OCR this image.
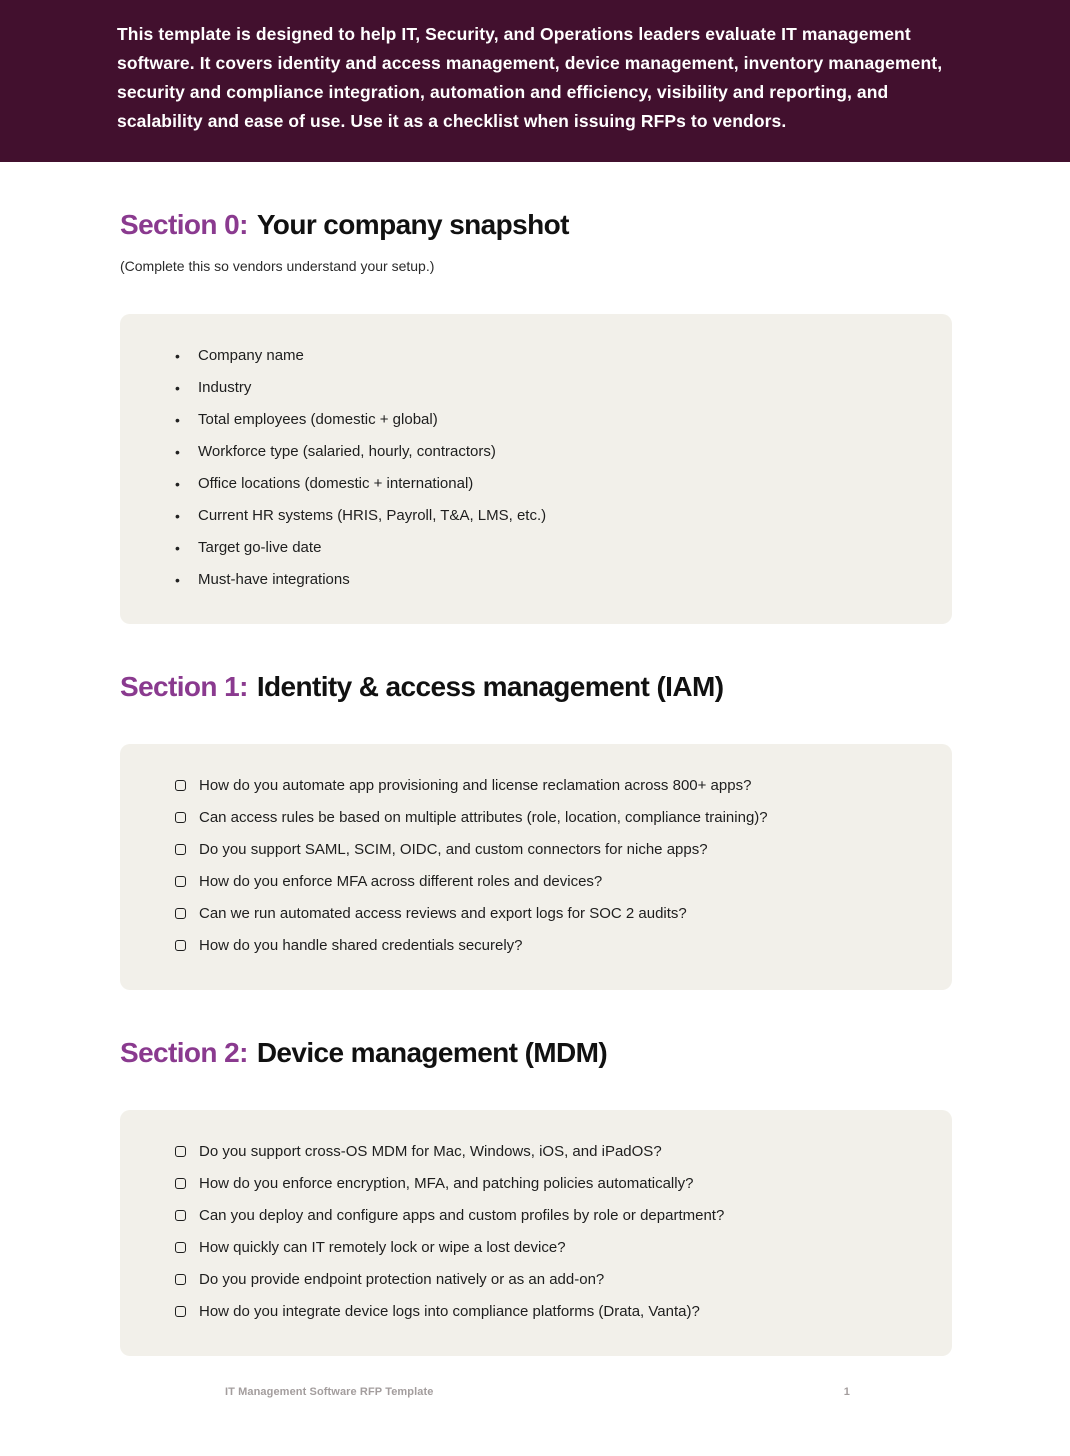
This template is designed to help IT, Security, and Operations leaders evaluate IT management software. It covers identity and access management, device management, inventory management, security and compliance integration, automation and efficiency, visibility and reporting, and scalability and ease of use. Use it as a checklist when issuing RFPs to vendors.

Section 0: Your company snapshot

(Complete this so vendors understand your setup.)

•	Company name
•	Industry
•	Total employees (domestic + global)
•	Workforce type (salaried, hourly, contractors)
•	Office locations (domestic + international)
•	Current HR systems (HRIS, Payroll, T&A, LMS, etc.)
•	Target go-live date
•	Must-have integrations
Section 1: Identity & access management (IAM)
How do you automate app provisioning and license reclamation across 800+ apps?
Can access rules be based on multiple attributes (role, location, compliance training)?
Do you support SAML, SCIM, OIDC, and custom connectors for niche apps?
How do you enforce MFA across different roles and devices?
Can we run automated access reviews and export logs for SOC 2 audits?
How do you handle shared credentials securely?
Section 2: Device management (MDM)
Do you support cross-OS MDM for Mac, Windows, iOS, and iPadOS?
How do you enforce encryption, MFA, and patching policies automatically?
Can you deploy and configure apps and custom profiles by role or department?
How quickly can IT remotely lock or wipe a lost device?
Do you provide endpoint protection natively or as an add-on?
How do you integrate device logs into compliance platforms (Drata, Vanta)?
IT Management Software RFP Template	1
